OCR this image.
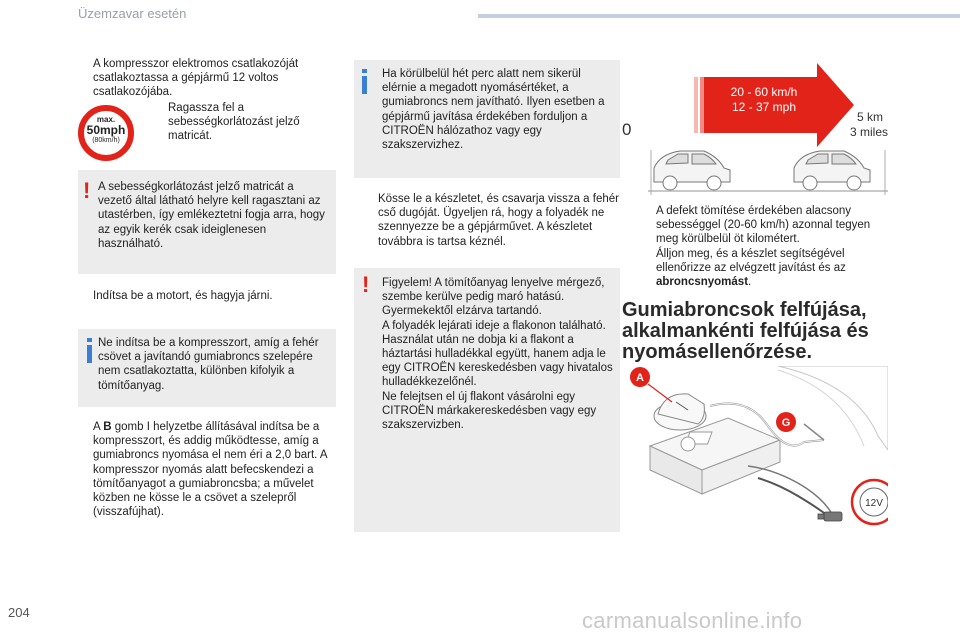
Üzemzavar esetén
A kompresszor elektromos csatlakozóját csatlakoztassa a gépjármű 12 voltos csatlakozójába.
max.
50mph
(80km/h)
Ragassza fel a sebességkorlátozást jelző matricát.
! A sebességkorlátozást jelző matricát a vezető által látható helyre kell ragasztani az utastérben, így emlékeztetni fogja arra, hogy az egyik kerék csak ideiglenesen használható.
Indítsa be a motort, és hagyja járni.
Ne indítsa be a kompresszort, amíg a fehér csövet a javítandó gumiabroncs szelepére nem csatlakoztatta, különben kifolyik a tömítőanyag.
A B gomb I helyzetbe állításával indítsa be a kompresszort, és addig működtesse, amíg a gumiabroncs nyomása el nem éri a 2,0 bart. A kompresszor nyomás alatt befecskendezi a tömítőanyagot a gumiabroncsba; a művelet közben ne kösse le a csövet a szelepről (visszafújhat).
Ha körülbelül hét perc alatt nem sikerül elérnie a megadott nyomásértéket, a gumiabroncs nem javítható. Ilyen esetben a gépjármű javítása érdekében forduljon a CITROËN hálózathoz vagy egy szakszervizhez.
Kösse le a készletet, és csavarja vissza a fehér cső dugóját. Ügyeljen rá, hogy a folyadék ne szennyezze be a gépjárművet. A készletet továbbra is tartsa kéznél.
! Figyelem! A tömítőanyag lenyelve mérgező, szembe kerülve pedig maró hatású.
Gyermekektől elzárva tartandó.
A folyadék lejárati ideje a flakonon található.
Használat után ne dobja ki a flakont a háztartási hulladékkal együtt, hanem adja le egy CITROËN kereskedésben vagy hivatalos hulladékkezelőnél.
Ne felejtsen el új flakont vásárolni egy CITROËN márkakereskedésben vagy egy szakszervizben.
20 - 60 km/h
12 - 37 mph
0
5 km
3 miles
A defekt tömítése érdekében alacsony sebességgel (20-60 km/h) azonnal tegyen meg körülbelül öt kilométert.
Álljon meg, és a készlet segítségével ellenőrizze az elvégzett javítást és az abroncsnyomást.
Gumiabroncsok felfújása, alkalmankénti felfújása és nyomásellenőrzése.
12V
A
G
204	carmanualsonline.info
